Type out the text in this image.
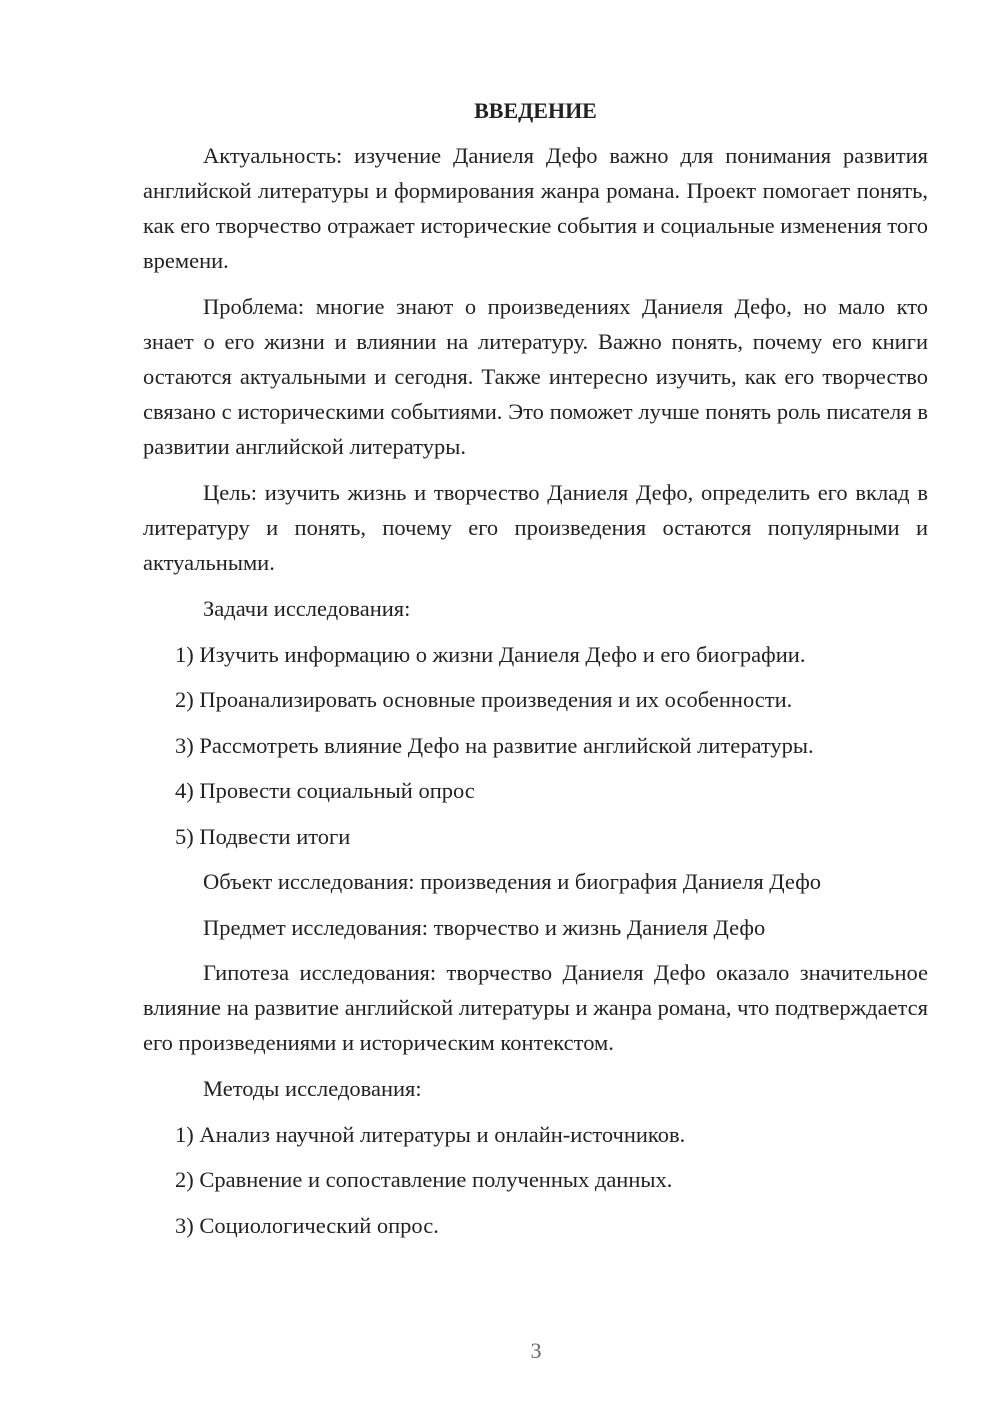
ВВЕДЕНИЕ

Актуальность: изучение Даниеля Дефо важно для понимания развития английской литературы и формирования жанра романа. Проект помогает понять, как его творчество отражает исторические события и социальные изменения того времени.

Проблема: многие знают о произведениях Даниеля Дефо, но мало кто знает о его жизни и влиянии на литературу. Важно понять, почему его книги остаются актуальными и сегодня. Также интересно изучить, как его творчество связано с историческими событиями. Это поможет лучше понять роль писателя в развитии английской литературы.

Цель: изучить жизнь и творчество Даниеля Дефо, определить его вклад в литературу и понять, почему его произведения остаются популярными и актуальными.

Задачи исследования:

1) Изучить информацию о жизни Даниеля Дефо и его биографии.

2) Проанализировать основные произведения и их особенности.

3) Рассмотреть влияние Дефо на развитие английской литературы.

4) Провести социальный опрос

5) Подвести итоги

Объект исследования: произведения и биография Даниеля Дефо

Предмет исследования: творчество и жизнь Даниеля Дефо

Гипотеза исследования: творчество Даниеля Дефо оказало значительное влияние на развитие английской литературы и жанра романа, что подтверждается его произведениями и историческим контекстом.

Методы исследования:

1) Анализ научной литературы и онлайн-источников.

2) Сравнение и сопоставление полученных данных.

3) Социологический опрос.

3
